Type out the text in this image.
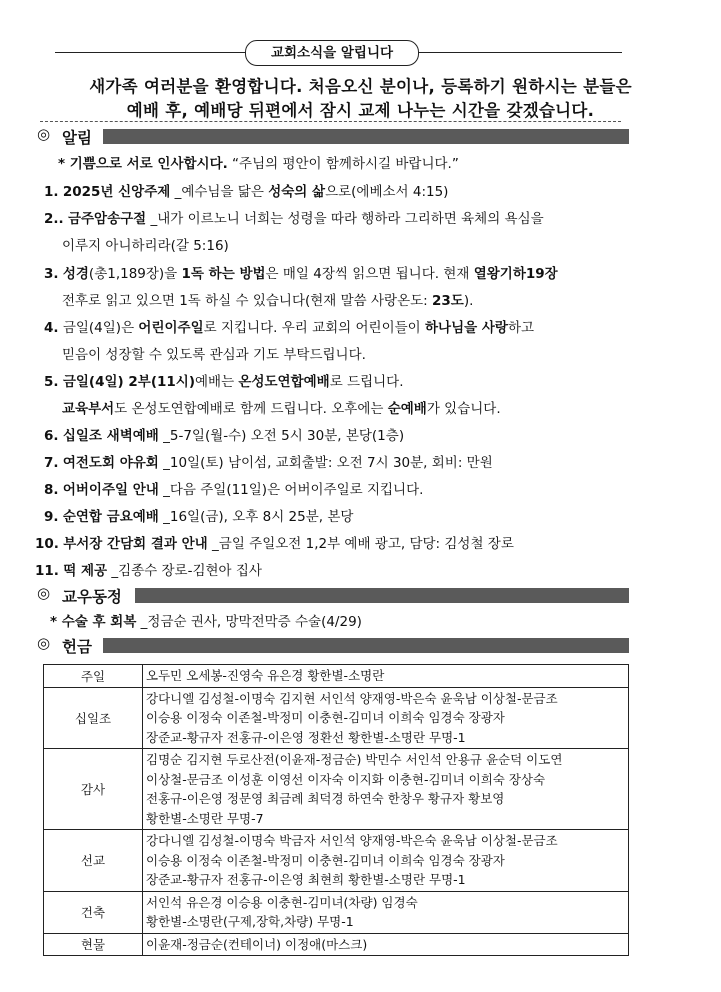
교회소식을 알립니다
새가족 여러분을 환영합니다. 처음오신 분이나, 등록하기 원하시는 분들은
예배 후, 예배당 뒤편에서 잠시 교제 나누는 시간을 갖겠습니다.
◎ 알림
* 기쁨으로 서로 인사합시다. “주님의 평안이 함께하시길 바랍니다.”
1. 2025년 신앙주제 _예수님을 닮은 성숙의 삶으로(에베소서 4:15)
2.. 금주암송구절 _내가 이르노니 너희는 성령을 따라 행하라 그리하면 육체의 욕심을
이루지 아니하리라(갈 5:16)
3. 성경(총1,189장)을 1독 하는 방법은 매일 4장씩 읽으면 됩니다. 현재 열왕기하19장
전후로 읽고 있으면 1독 하실 수 있습니다(현재 말씀 사랑온도: 23도).
4. 금일(4일)은 어린이주일로 지킵니다. 우리 교회의 어린이들이 하나님을 사랑하고
믿음이 성장할 수 있도록 관심과 기도 부탁드립니다.
5. 금일(4일) 2부(11시)예배는 온성도연합예배로 드립니다.
교육부서도 온성도연합예배로 함께 드립니다. 오후에는 순예배가 있습니다.
6. 십일조 새벽예배 _5-7일(월-수) 오전 5시 30분, 본당(1층)
7. 여전도회 야유회 _10일(토) 남이섬, 교회출발: 오전 7시 30분, 회비: 만원
8. 어버이주일 안내 _다음 주일(11일)은 어버이주일로 지킵니다.
9. 순연합 금요예배 _16일(금), 오후 8시 25분, 본당
10. 부서장 간담회 결과 안내 _금일 주일오전 1,2부 예배 광고, 담당: 김성철 장로
11. 떡 제공 _김종수 장로-김현아 집사
◎ 교우동정
* 수술 후 회복 _정금순 권사, 망막전막증 수술(4/29)
◎ 헌금
주일	오두민 오세봉-진영숙 유은경 황한별-소명란

십일조	강다니엘 김성철-이명숙 김지현 서인석 양재영-박은숙 윤욱남 이상철-문금조
이승용 이정숙 이존철-박정미 이충현-김미녀 이희숙 임경숙 장광자
장준교-황규자 전홍규-이은영 정환선 황한별-소명란 무명-1

감사	김명순 김지현 두로산전(이윤재-정금순) 박민수 서인석 안용규 윤순덕 이도연
이상철-문금조 이성훈 이영선 이자숙 이지화 이충현-김미녀 이희숙 장상숙
전홍규-이은영 정문영 최금례 최덕경 하연숙 한창우 황규자 황보영
황한별-소명란 무명-7

선교	강다니엘 김성철-이명숙 박금자 서인석 양재영-박은숙 윤욱남 이상철-문금조
이승용 이정숙 이존철-박정미 이충현-김미녀 이희숙 임경숙 장광자
장준교-황규자 전홍규-이은영 최현희 황한별-소명란 무명-1

건축	서인석 유은경 이승용 이충현-김미녀(차량) 임경숙
황한별-소명란(구제,장학,차량) 무명-1

현물	이윤재-정금순(컨테이너) 이정애(마스크)
